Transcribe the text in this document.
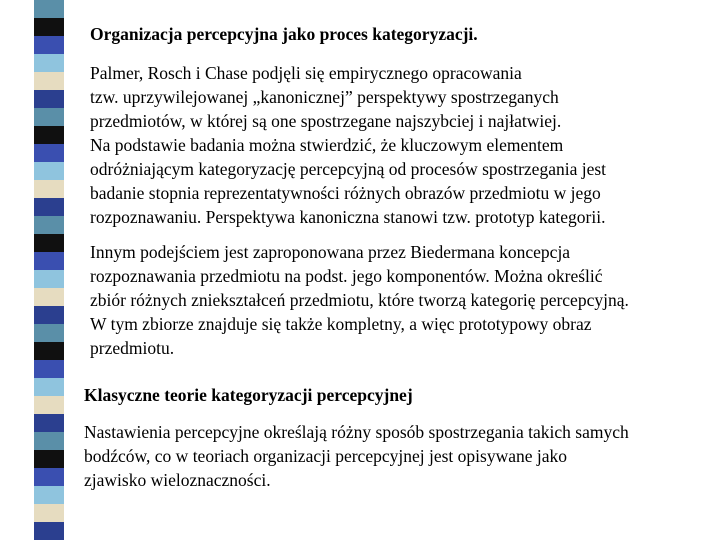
Organizacja percepcyjna jako proces kategoryzacji.
Palmer, Rosch i Chase podjęli się empirycznego opracowania
tzw. uprzywilejowanej „kanonicznej” perspektywy spostrzeganych
przedmiotów, w której są one spostrzegane najszybciej i najłatwiej.
Na podstawie badania można stwierdzić, że kluczowym elementem
odróżniającym kategoryzację percepcyjną od procesów spostrzegania jest
badanie stopnia reprezentatywności różnych obrazów przedmiotu w jego
rozpoznawaniu. Perspektywa kanoniczna stanowi tzw. prototyp kategorii.
Innym podejściem jest zaproponowana przez Biedermana koncepcja
rozpoznawania przedmiotu na podst. jego komponentów. Można określić
zbiór różnych zniekształceń przedmiotu, które tworzą kategorię percepcyjną.
W tym zbiorze znajduje się także kompletny, a więc prototypowy obraz
przedmiotu.
Klasyczne teorie kategoryzacji percepcyjnej
Nastawienia percepcyjne określają różny sposób spostrzegania takich samych
bodźców, co w teoriach organizacji percepcyjnej jest opisywane jako
zjawisko wieloznaczności.
